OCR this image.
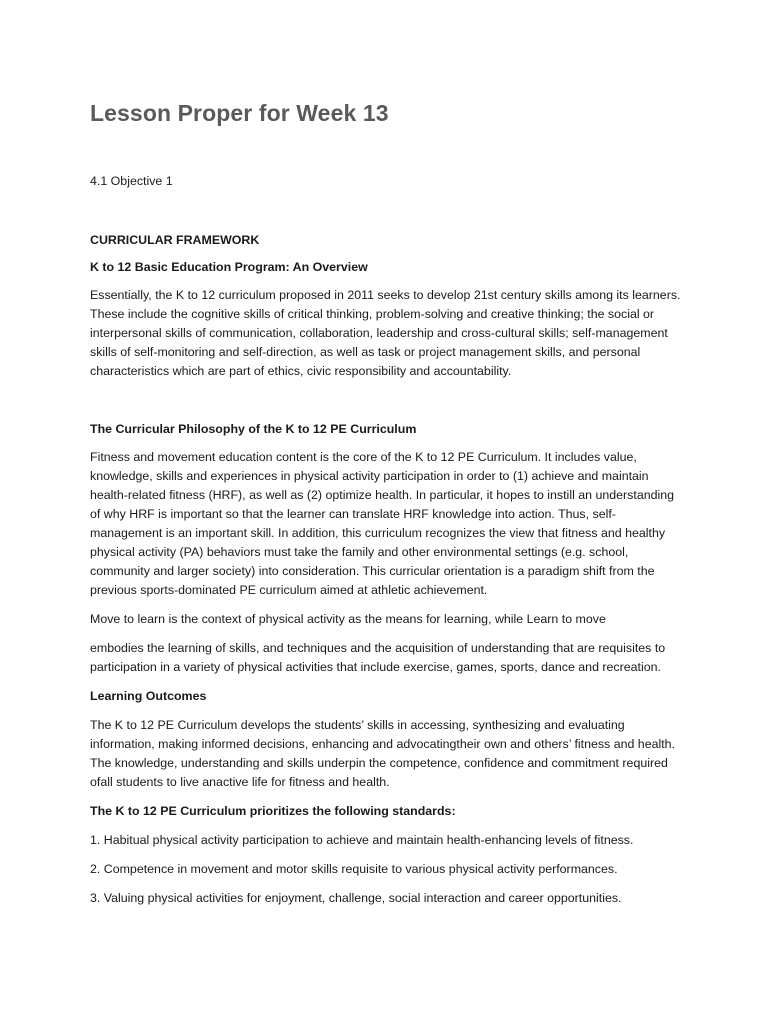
Lesson Proper for Week 13

4.1 Objective 1

CURRICULAR FRAMEWORK

K to 12 Basic Education Program: An Overview

Essentially, the K to 12 curriculum proposed in 2011 seeks to develop 21st century skills among its learners. These include the cognitive skills of critical thinking, problem-solving and creative thinking; the social or interpersonal skills of communication, collaboration, leadership and cross-cultural skills; self-management skills of self-monitoring and self-direction, as well as task or project management skills, and personal characteristics which are part of ethics, civic responsibility and accountability.

The Curricular Philosophy of the K to 12 PE Curriculum

Fitness and movement education content is the core of the K to 12 PE Curriculum. It includes value, knowledge, skills and experiences in physical activity participation in order to (1) achieve and maintain health-related fitness (HRF), as well as (2) optimize health. In particular, it hopes to instill an understanding of why HRF is important so that the learner can translate HRF knowledge into action. Thus, self-management is an important skill. In addition, this curriculum recognizes the view that fitness and healthy physical activity (PA) behaviors must take the family and other environmental settings (e.g. school, community and larger society) into consideration. This curricular orientation is a paradigm shift from the previous sports-dominated PE curriculum aimed at athletic achievement.

Move to learn is the context of physical activity as the means for learning, while Learn to move

embodies the learning of skills, and techniques and the acquisition of understanding that are requisites to participation in a variety of physical activities that include exercise, games, sports, dance and recreation.

Learning Outcomes

The K to 12 PE Curriculum develops the students’ skills in accessing, synthesizing and evaluating information, making informed decisions, enhancing and advocatingtheir own and others’ fitness and health. The knowledge, understanding and skills underpin the competence, confidence and commitment required ofall students to live anactive life for fitness and health.

The K to 12 PE Curriculum prioritizes the following standards:

1. Habitual physical activity participation to achieve and maintain health-enhancing levels of fitness.

2. Competence in movement and motor skills requisite to various physical activity performances.

3. Valuing physical activities for enjoyment, challenge, social interaction and career opportunities.
